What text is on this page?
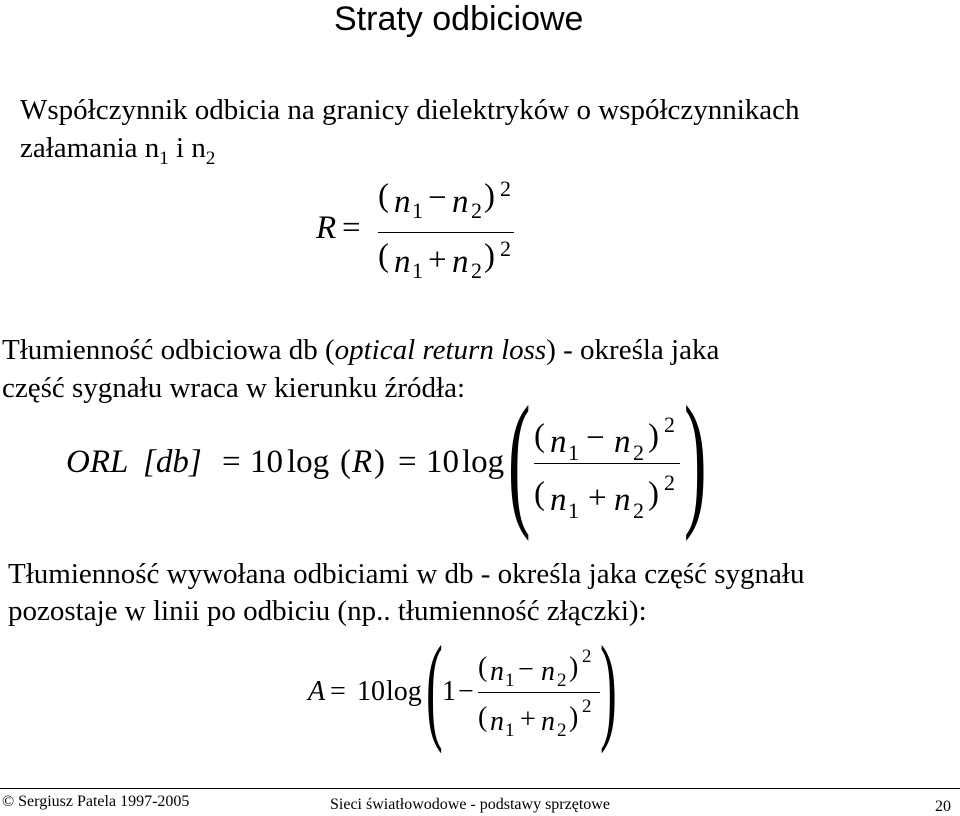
Straty odbiciowe
Współczynnik odbicia na granicy dielektryków o współczynnikach
załamania $n_1$ i $n_2$
R =
( n 1 − n 2 ) 2
( n 1 + n 2 ) 2
Tłumienność odbiciowa db (optical return loss) - określa jaka
część sygnału wraca w kierunku źródła:
ORL [db] = 10 log ( R ) = 10 log ( )
( n 1 − n 2 ) 2
( n 1 + n 2 ) 2
Tłumienność wywołana odbiciami w db - określa jaka część sygnału
pozostaje w linii po odbiciu (np.. tłumienność złączki):
A = 10 log ( 1 −
( n 1 − n 2 ) 2
( n 1 + n 2 ) 2 )
© Sergiusz Patela 1997-2005	Sieci światłowodowe - podstawy sprzętowe	20
